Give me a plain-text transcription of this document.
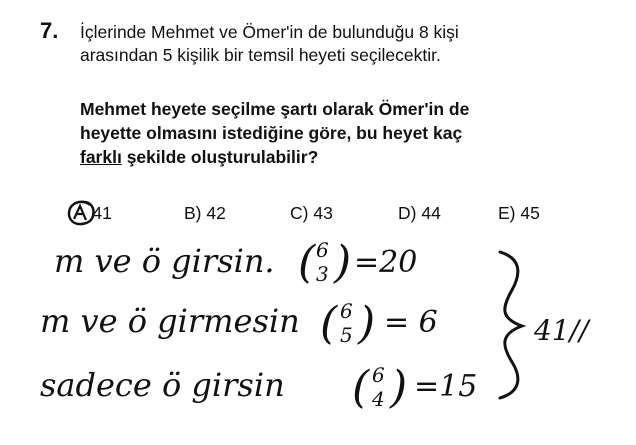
7. İçlerinde Mehmet ve Ömer'in de bulunduğu 8 kişi
arasından 5 kişilik bir temsil heyeti seçilecektir.
Mehmet heyete seçilme şartı olarak Ömer'in de
heyette olmasını istediğine göre, bu heyet kaç
farklı şekilde oluşturulabilir?
41	B) 42	C) 43	D) 44	E) 45
m ve ö girsin. ( 6
3 ) =20
m ve ö girmesin ( 6
5 ) = 6
sadece ö girsin ( 6
4 ) =15
41//
